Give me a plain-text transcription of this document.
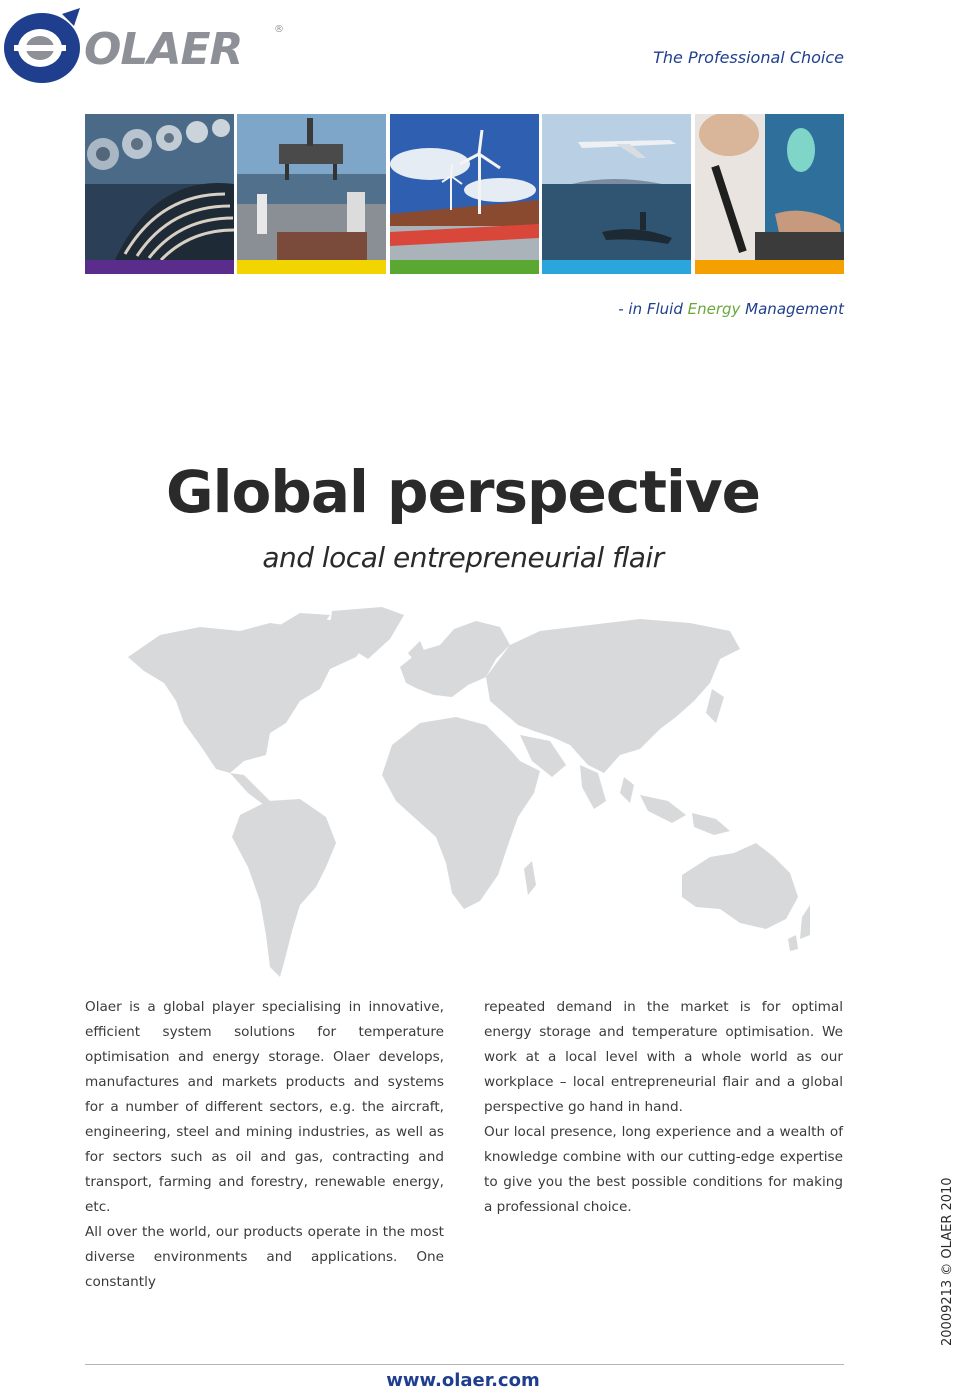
OLAER	®
The Professional Choice
- in Fluid Energy Management
Global perspective
and local entrepreneurial flair

Olaer is a global player specialising in innovative, efficient system solutions for temperature optimisation and energy storage. Olaer develops, manufactures and markets products and systems for a number of different sectors, e.g. the aircraft, engineering, steel and mining industries, as well as for sectors such as oil and gas, contracting and transport, farming and forestry, renewable energy, etc.

All over the world, our products operate in the most diverse environments and applications. One constantly

repeated demand in the market is for optimal energy storage and temperature optimisation. We work at a local level with a whole world as our workplace – local entrepreneurial flair and a global perspective go hand in hand.

Our local presence, long experience and a wealth of knowledge combine with our cutting-edge expertise to give you the best possible conditions for making a professional choice.

www.olaer.com
20009213 © OLAER 2010
